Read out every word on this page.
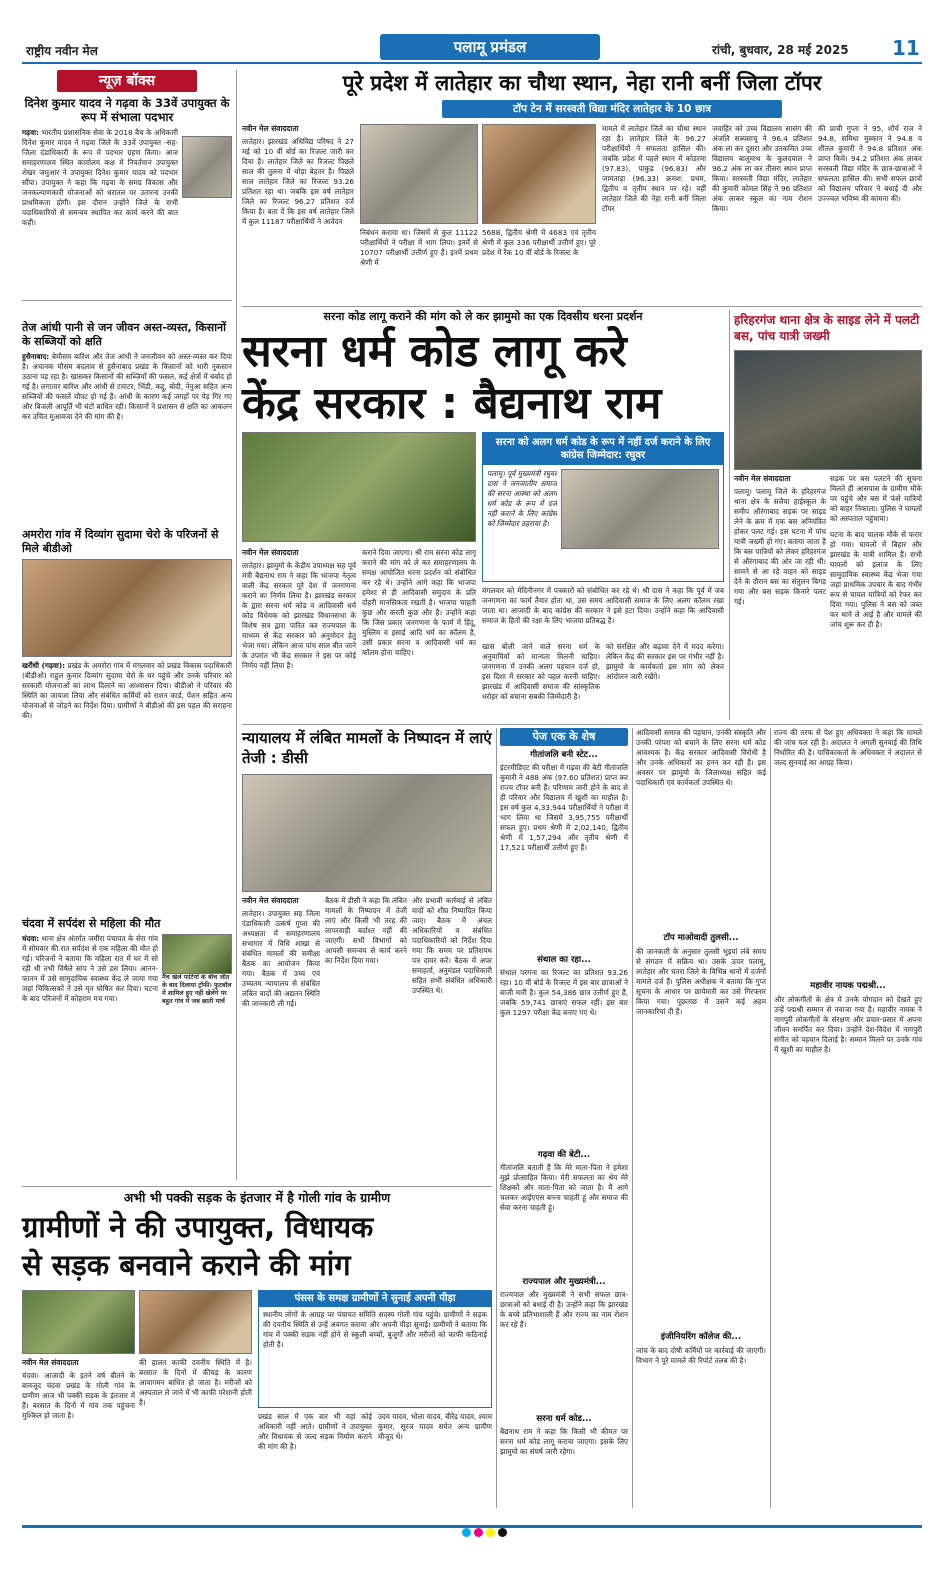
राष्ट्रीय नवीन मेल	पलामू प्रमंडल	रांची, बुधवार, 28 मई 2025 11
न्यूज़ बॉक्स
दिनेश कुमार यादव ने गढ़वा के 33वें उपायुक्त के रूप में संभाला पदभार
गढ़वा: भारतीय प्रशासनिक सेवा के 2018 बैच के अधिकारी दिनेश कुमार यादव ने गढ़वा जिले के 33वें उपायुक्त -सह- जिला दंडाधिकारी के रूप में पदभार ग्रहण किया। आज समाहरणालय स्थित कार्यालय कक्ष में निवर्तमान उपायुक्त शेखर जमुआर ने उपायुक्त दिनेश कुमार यादव को पदभार सौंपा। उपायुक्त ने कहा कि गढ़वा के समग्र विकास और जनकल्याणकारी योजनाओं को धरातल पर उतारना उनकी प्राथमिकता होगी। इस दौरान उन्होंने जिले के सभी पदाधिकारियों से समन्वय स्थापित कर कार्य करने की बात कही।
तेज आंधी पानी से जन जीवन अस्त-व्यस्त, किसानों के सब्जियों को क्षति
हुसैनाबाद: बेमौसम बारिश और तेज आंधी ने जनजीवन को अस्त-व्यस्त कर दिया है। अचानक मौसम बदलाव से हुसैनाबाद प्रखंड के किसानों को भारी नुकसान उठाना पड़ रहा है। खासकर किसानों की सब्जियों की फसल, कई क्षेत्रों में बर्बाद हो गई है। लगातार बारिश और आंधी से टमाटर, भिंडी, कद्दू, बोदी, नेनुआ सहित अन्य सब्जियों की फसलें चौपट हो गई हैं। आंधी के कारण कई जगहों पर पेड़ गिर गए और बिजली आपूर्ति भी घंटों बाधित रही। किसानों ने प्रशासन से क्षति का आकलन कर उचित मुआवजा देने की मांग की है।
अमरोरा गांव में दिव्यांग सुदामा चेरो के परिजनों से मिले बीडीओ
खरौंधी (गढ़वा): प्रखंड के अमरोरा गांव में मंगलवार को प्रखंड विकास पदाधिकारी (बीडीओ) राहुल कुमार दिव्यांग सुदामा चेरो के घर पहुंचे और उनके परिवार को सरकारी योजनाओं का लाभ दिलाने का आश्वासन दिया। बीडीओ ने परिवार की स्थिति का जायजा लिया और संबंधित कर्मियों को राशन कार्ड, पेंशन सहित अन्य योजनाओं से जोड़ने का निर्देश दिया। ग्रामीणों ने बीडीओ की इस पहल की सराहना की।
चंदवा में सर्पदंश से महिला की मौत
चंदवा: थाना क्षेत्र अंतर्गत जमीरा पंचायत के सेरा गांव में सोमवार की रात सर्पदंश से एक महिला की मौत हो गई। परिजनों ने बताया कि महिला रात में घर में सो रही थी तभी विषैले सांप ने उसे डस लिया। आनन-फानन में उसे सामुदायिक स्वास्थ्य केंद्र ले जाया गया जहां चिकित्सकों ने उसे मृत घोषित कर दिया। घटना के बाद परिजनों में कोहराम मच गया।
मैंच खेलें पार्टियों के बीच जीत के बाद दिलाया ट्रॉफी। फुटबॉल में शामिल हुए नहीं खेलेंगे पर बहुत गांव में जब छाती मार्च
पूरे प्रदेश में लातेहार का चौथा स्थान, नेहा रानी बनीं जिला टॉपर
टॉप टेन में सरस्वती विद्या मंदिर लातेहार के 10 छात्र
नवीन मेल संवाददाता
लातेहार। झारखंड अधिविद्य परिषद ने 27 मई को 10 वीं बोर्ड का रिजल्ट जारी कर दिया है। लातेहार जिले का रिजल्ट पिछले साल की तुलना में थोड़ा बेहतर है। पिछले साल लातेहार जिले का रिजल्ट 93.26 प्रतिशत रहा था। जबकि इस वर्ष लातेहार जिले का रिजल्ट 96.27 प्रतिशत दर्ज किया है। बता दें कि इस वर्ष लातेहार जिले में कुल 11187 परीक्षार्थियों ने आवेदन
निबंधन कराया था। जिसमें से कुल 11122 परीक्षार्थियों ने परीक्षा में भाग लिया। इनमें से 10707 परीक्षार्थी उत्तीर्ण हुए हैं। इनमें प्रथम श्रेणी में
5688, द्वितीय श्रेणी में 4683 एवं तृतीय श्रेणी में कुल 336 परीक्षार्थी उत्तीर्ण हुए। पूरे प्रदेश में रैंक 10 वीं बोर्ड के रिजल्ट के
मामले में लातेहार जिले का चौथा स्थान रहा है। लातेहार जिले के 96.27 परीक्षार्थियों ने सफलता हासिल की। जबकि प्रदेश में पहले स्थान में कोडरमा (97.83), पाकुड़ (96.83) और जामताड़ा (96.33) क्रमश: प्रथम, द्वितीय व तृतीय स्थान पर रहे। वहीं लातेहार जिले की नेहा रानी बनीं जिला टॉपर
जवाहिर को उच्च विद्यालय सासंग की अंजलि सब्यसाचू ने 96.4 प्रतिशत अंक ला कर दूसरा और उतकमित उच्च विद्यालय बालूमाथ के कुलदयाल ने 96.2 अंक ला कर तीसरा स्थान प्राप्त किया। सरस्वती विद्या मंदिर, लातेहार की कुमारी कोमल सिंह ने 96 प्रतिशत अंक लाकर स्कूल का नाम रोशन किया।
की प्राची गुप्ता ने 95, शौर्य राज ने 94.8, समिधा मुस्कान ने 94.8 व शीतल कुमारी ने 94.8 प्रतिशत अंक प्राप्त किये। 94.2 प्रतिशत अंक लाकर सरस्वती विद्या मंदिर के छात्र-छात्राओं ने सफलता हासिल की। सभी सफल छात्रों को विद्यालय परिवार ने बधाई दी और उज्ज्वल भविष्य की कामना की।
सरना कोड लागू कराने की मांग को ले कर झामुमो का एक दिवसीय धरना प्रदर्शन
सरना धर्म कोड लागू करे
केंद्र सरकार : बैद्यनाथ राम
नवीन मेल संवाददाता
लातेहार। झामुमो के केंद्रीय उपाध्यक्ष सह पूर्व मंत्री बैद्यनाथ राम ने कहा कि भाजपा नेतृत्व वाली केंद्र सरकार पूरे देश में जनगणना कराने का निर्णय लिया है। झारखंड सरकार के द्वारा सरना धर्म कोड व आदिवासी धर्म कोड विधेयक को झारखंड विधानसभा के विशेष सत्र द्वारा पारित कर राज्यपाल के माध्यम से केंद्र सरकार को अनुमोदन हेतु भेजा गया। लेकिन आज पांच साल बीत जाने के उपरांत भी केंद्र सरकार ने इस पर कोई निर्णय नहीं लिया है।
कराने दिया जाएगा। श्री राम सरना कोड लागू कराने की मांग को ले कर समाहरणालय के समक्ष आयोजित धरना प्रदर्शन को संबोधित कर रहे थे। उन्होंने आगे कहा कि भाजपा हमेशा से ही आदिवासी समुदाय के प्रति दोहरी मानसिकता रखती है। भाजपा चाहती कुछ और करती कुछ और है। उन्होंने कहा कि जिस प्रकार जनगणना के फार्म में हिंदू, मुस्लिम व इसाई आदि धर्म का कॉलम है, उसी प्रकार सरना व आदिवासी धर्म का कॉलम होना चाहिए।
सरना को अलग धर्म कोड के रूप में नहीं दर्ज कराने के लिए कांग्रेस जिम्मेदार: रघुवर
पलामू। पूर्व मुख्यमंत्री रघुवर दास ने जनजातीय समाज की सरना आस्था को अलग धर्म कोड के रूप में दर्ज नहीं कराने के लिए कांग्रेस को जिम्मेदार ठहराया है।
मंगलवार को मेदिनीनगर में पत्रकारों को संबोधित कर रहे थे। श्री दास ने कहा कि पूर्व में जब जनगणना का फार्म तैयार होता था, उस समय आदिवासी समाज के लिए अलग कॉलम रखा जाता था। आजादी के बाद कांग्रेस की सरकार ने इसे हटा दिया। उन्होंने कहा कि आदिवासी समाज के हितों की रक्षा के लिए भाजपा प्रतिबद्ध है।
खास बोली जाने वाले सरना धर्म के अनुयायियों को मान्यता मिलनी चाहिए। जनगणना में उनकी अलग पहचान दर्ज हो, इस दिशा में सरकार को पहल करनी चाहिए। झारखंड में आदिवासी समाज की सांस्कृतिक धरोहर को बचाना सबकी जिम्मेदारी है।
को संरक्षित और बढ़ावा देने में मदद करेगा। लेकिन केंद्र की सरकार इस पर गंभीर नहीं है। झामुमो के कार्यकर्ता इस मांग को लेकर आंदोलन जारी रखेंगे।
हरिहरगंज थाना क्षेत्र के साइड लेने में पलटी बस, पांच यात्री जख्मी
नवीन मेल संवाददाता
पलामू। पलामू जिले के हरिहरगंज थाना क्षेत्र के सलैया हाईस्कूल के समीप औरंगाबाद सड़क पर साइड लेने के क्रम में एक बस अनियंत्रित होकर पलट गई। इस घटना में पांच यात्री जख्मी हो गए। बताया जाता है कि बस यात्रियों को लेकर हरिहरगंज से औरंगाबाद की ओर जा रही थी। सामने से आ रहे वाहन को साइड देने के दौरान बस का संतुलन बिगड़ गया और बस सड़क किनारे पलट गई।
सड़क पर बस पलटने की सूचना मिलते ही आसपास के ग्रामीण मौके पर पहुंचे और बस में फंसे यात्रियों को बाहर निकाला। पुलिस ने घायलों को अस्पताल पहुंचाया।
घटना के बाद चालक मौके से फरार हो गया। घायलों में बिहार और झारखंड के यात्री शामिल हैं। सभी घायलों को इलाज के लिए सामुदायिक स्वास्थ्य केंद्र भेजा गया जहां प्राथमिक उपचार के बाद गंभीर रूप से घायल यात्रियों को रेफर कर दिया गया। पुलिस ने बस को जब्त कर थाने ले आई है और मामले की जांच शुरू कर दी है।
न्यायालय में लंबित मामलों के निष्पादन में लाएं तेजी : डीसी
नवीन मेल संवाददाता
लातेहार। उपायुक्त सह जिला दंडाधिकारी उत्कर्ष गुप्ता की अध्यक्षता में समाहरणालय सभागार में विधि शाखा से संबंधित मामलों की समीक्षा बैठक का आयोजन किया गया। बैठक में उच्च एवं उच्चतम न्यायालय से संबंधित लंबित वादों की अद्यतन स्थिति की जानकारी ली गई।
बैठक में डीसी ने कहा कि लंबित मामलों के निष्पादन में तेजी लाएं और किसी भी तरह की लापरवाही बर्दाश्त नहीं की जाएगी। सभी विभागों को आपसी समन्वय से कार्य करने का निर्देश दिया गया।
और प्रभावी कार्रवाई से लंबित वादों को शीघ्र निष्पादित किया जाए। बैठक में अंचल अधिकारियों व संबंधित पदाधिकारियों को निर्देश दिया गया कि समय पर प्रतिशपथ पत्र दायर करें। बैठक में अपर समाहर्ता, अनुमंडल पदाधिकारी सहित सभी संबंधित अधिकारी उपस्थित थे।
पेज एक के शेष
गीतांजलि बनी स्टेट...
इंटरमीडिएट की परीक्षा में गढ़वा की बेटी गीतांजलि कुमारी ने 488 अंक (97.60 प्रतिशत) प्राप्त कर राज्य टॉपर बनी हैं। परिणाम जारी होने के बाद से ही परिवार और विद्यालय में खुशी का माहौल है। इस वर्ष कुल 4,33,944 परीक्षार्थियों ने परीक्षा में भाग लिया था जिसमें 3,95,755 परीक्षार्थी सफल हुए। प्रथम श्रेणी में 2,02,140, द्वितीय श्रेणी में 1,57,294 और तृतीय श्रेणी में 17,521 परीक्षार्थी उत्तीर्ण हुए हैं।
संथाल का रहा...
संथाल परगना का रिजल्ट का प्रतिशत 93.26 रहा। 10 वीं बोर्ड के रिजल्ट में इस बार छात्राओं ने बाजी मारी है। कुल 54,386 छात्र उत्तीर्ण हुए हैं, जबकि 59,741 छात्राएं सफल रहीं। इस बार कुल 1297 परीक्षा केंद्र बनाए गए थे।
गढ़वा की बेटी...
गीतांजलि बताती हैं कि मेरे माता-पिता ने हमेशा मुझे प्रोत्साहित किया। मेरी सफलता का श्रेय मेरे शिक्षकों और माता-पिता को जाता है। मैं आगे चलकर आईएएस बनना चाहती हूं और समाज की सेवा करना चाहती हूं।
राज्यपाल और मुख्यमंत्री...
राज्यपाल और मुख्यमंत्री ने सभी सफल छात्र-छात्राओं को बधाई दी है। उन्होंने कहा कि झारखंड के बच्चे प्रतिभाशाली हैं और राज्य का नाम रोशन कर रहे हैं।
सरना धर्म कोड...
बैद्यनाथ राम ने कहा कि किसी भी कीमत पर सरना धर्म कोड लागू कराया जाएगा। इसके लिए झामुमो का संघर्ष जारी रहेगा।
आदिवासी समाज की पहचान, उनकी संस्कृति और उनकी परंपरा को बचाने के लिए सरना धर्म कोड आवश्यक है। केंद्र सरकार आदिवासी विरोधी है और उनके अधिकारों का हनन कर रही है। इस अवसर पर झामुमो के जिलाध्यक्ष सहित कई पदाधिकारी एवं कार्यकर्ता उपस्थित थे।
टॉप माओवादी तुलसी...
की जानकारी के अनुसार तुलसी भुइयां लंबे समय से संगठन में सक्रिय था। उसके ऊपर पलामू, लातेहार और चतरा जिले के विभिन्न थानों में दर्जनों मामले दर्ज हैं। पुलिस अधीक्षक ने बताया कि गुप्त सूचना के आधार पर छापेमारी कर उसे गिरफ्तार किया गया। पूछताछ में उसने कई अहम जानकारियां दी हैं।
इंजीनियरिंग कॉलेज की...
जांच के बाद दोषी कर्मियों पर कार्रवाई की जाएगी। विभाग ने पूरे मामले की रिपोर्ट तलब की है।
राज्य की तरफ से पेश हुए अधिवक्ता ने कहा कि मामले की जांच चल रही है। अदालत ने अगली सुनवाई की तिथि निर्धारित की है। याचिकाकर्ता के अधिवक्ता ने अदालत से जल्द सुनवाई का आग्रह किया।
महावीर नायक पद्मश्री...
और लोकगीतों के क्षेत्र में उनके योगदान को देखते हुए उन्हें पद्मश्री सम्मान से नवाजा गया है। महावीर नायक ने नागपुरी लोकगीतों के संरक्षण और प्रचार-प्रसार में अपना जीवन समर्पित कर दिया। उन्होंने देश-विदेश में नागपुरी संगीत को पहचान दिलाई है। सम्मान मिलने पर उनके गांव में खुशी का माहौल है।
अभी भी पक्की सड़क के इंतजार में है गोली गांव के ग्रामीण
ग्रामीणों ने की उपायुक्त, विधायक
से सड़क बनवाने कराने की मांग
नवीन मेल संवाददाता
चंदवा। आजादी के इतने वर्ष बीतने के बावजूद चंदवा प्रखंड के गोली गांव के ग्रामीण आज भी पक्की सड़क के इंतजार में हैं। बरसात के दिनों में गांव तक पहुंचना मुश्किल हो जाता है।
की हालत काफी दयनीय स्थिति में है। बरसात के दिनों में कीचड़ के कारण आवागमन बाधित हो जाता है। मरीजों को अस्पताल ले जाने में भी काफी परेशानी होती है।
पंसस के समक्ष ग्रामीणों ने सुनाई अपनी पीड़ा
स्थानीय लोगों के आग्रह पर पंचायत समिति सदस्य गोली गांव पहुंचे। ग्रामीणों ने सड़क की दयनीय स्थिति से उन्हें अवगत कराया और अपनी पीड़ा सुनाई। ग्रामीणों ने बताया कि गांव में पक्की सड़क नहीं होने से स्कूली बच्चों, बुजुर्गों और मरीजों को काफी कठिनाई होती है।
प्रखंड साल में एक बार भी यहां कोई अधिकारी नहीं आते। ग्रामीणों ने उपायुक्त और विधायक से जल्द सड़क निर्माण कराने की मांग की है।
उदय यादव, भोला यादव, बीरेंद्र यादव, श्याम कुमार, सूरज यादव समेत अन्य ग्रामीण मौजूद थे।
